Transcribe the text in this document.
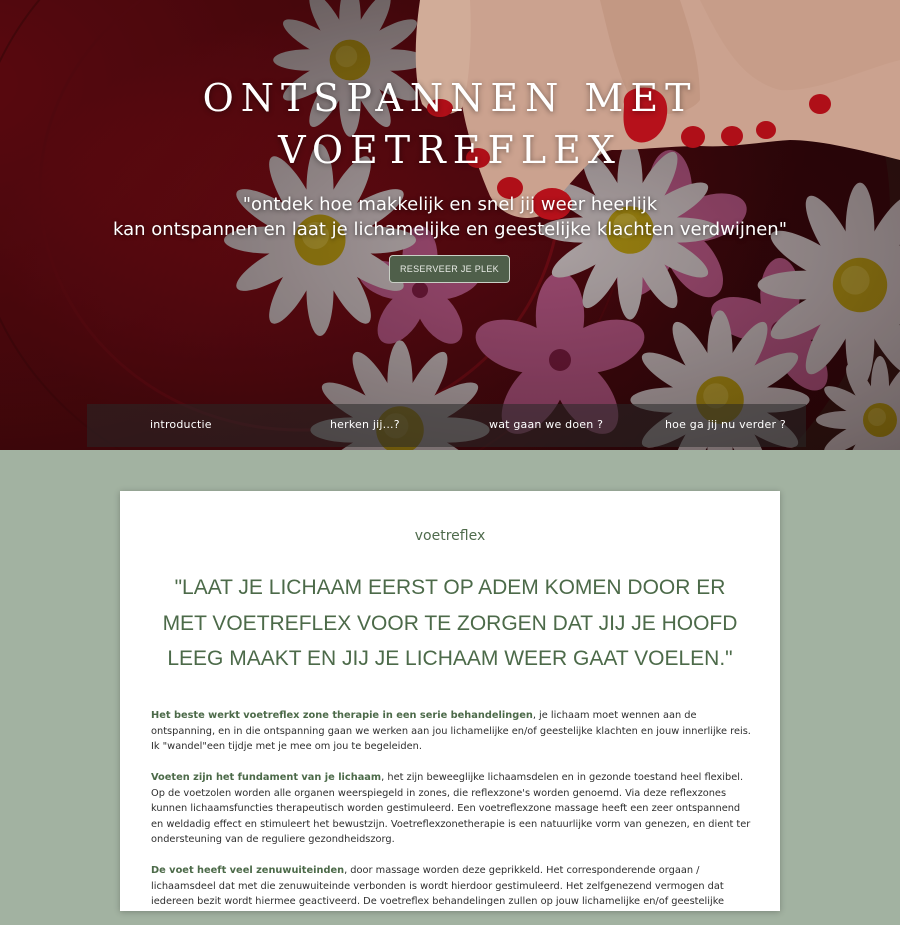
ONTSPANNEN MET
VOETREFLEX
"ontdek hoe makkelijk en snel jij weer heerlijk
kan ontspannen en laat je lichamelijke en geestelijke klachten verdwijnen"
RESERVEER JE PLEK
introductie	herken jij...?	wat gaan we doen ?	hoe ga jij nu verder ?
voetreflex
"LAAT JE LICHAAM EERST OP ADEM KOMEN DOOR ER MET VOETREFLEX VOOR TE ZORGEN DAT JIJ JE HOOFD LEEG MAAKT EN JIJ JE LICHAAM WEER GAAT VOELEN."

Het beste werkt voetreflex zone therapie in een serie behandelingen, je lichaam moet wennen aan de ontspanning, en in die ontspanning gaan we werken aan jou lichamelijke en/of geestelijke klachten en jouw innerlijke reis. Ik "wandel"een tijdje met je mee om jou te begeleiden.

Voeten zijn het fundament van je lichaam, het zijn beweeglijke lichaamsdelen en in gezonde toestand heel flexibel. Op de voetzolen worden alle organen weerspiegeld in zones, die reflexzone's worden genoemd. Via deze reflexzones kunnen lichaamsfuncties therapeutisch worden gestimuleerd. Een voetreflexzone massage heeft een zeer ontspannend en weldadig effect en stimuleert het bewustzijn. Voetreflexzonetherapie is een natuurlijke vorm van genezen, en dient ter ondersteuning van de reguliere gezondheidszorg.

De voet heeft veel zenuwuiteinden, door massage worden deze geprikkeld. Het corresponderende orgaan / lichaamsdeel dat met die zenuwuiteinde verbonden is wordt hierdoor gestimuleerd. Het zelfgenezend vermogen dat iedereen bezit wordt hiermee geactiveerd. De voetreflex behandelingen zullen op jouw lichamelijke en/of geestelijke
